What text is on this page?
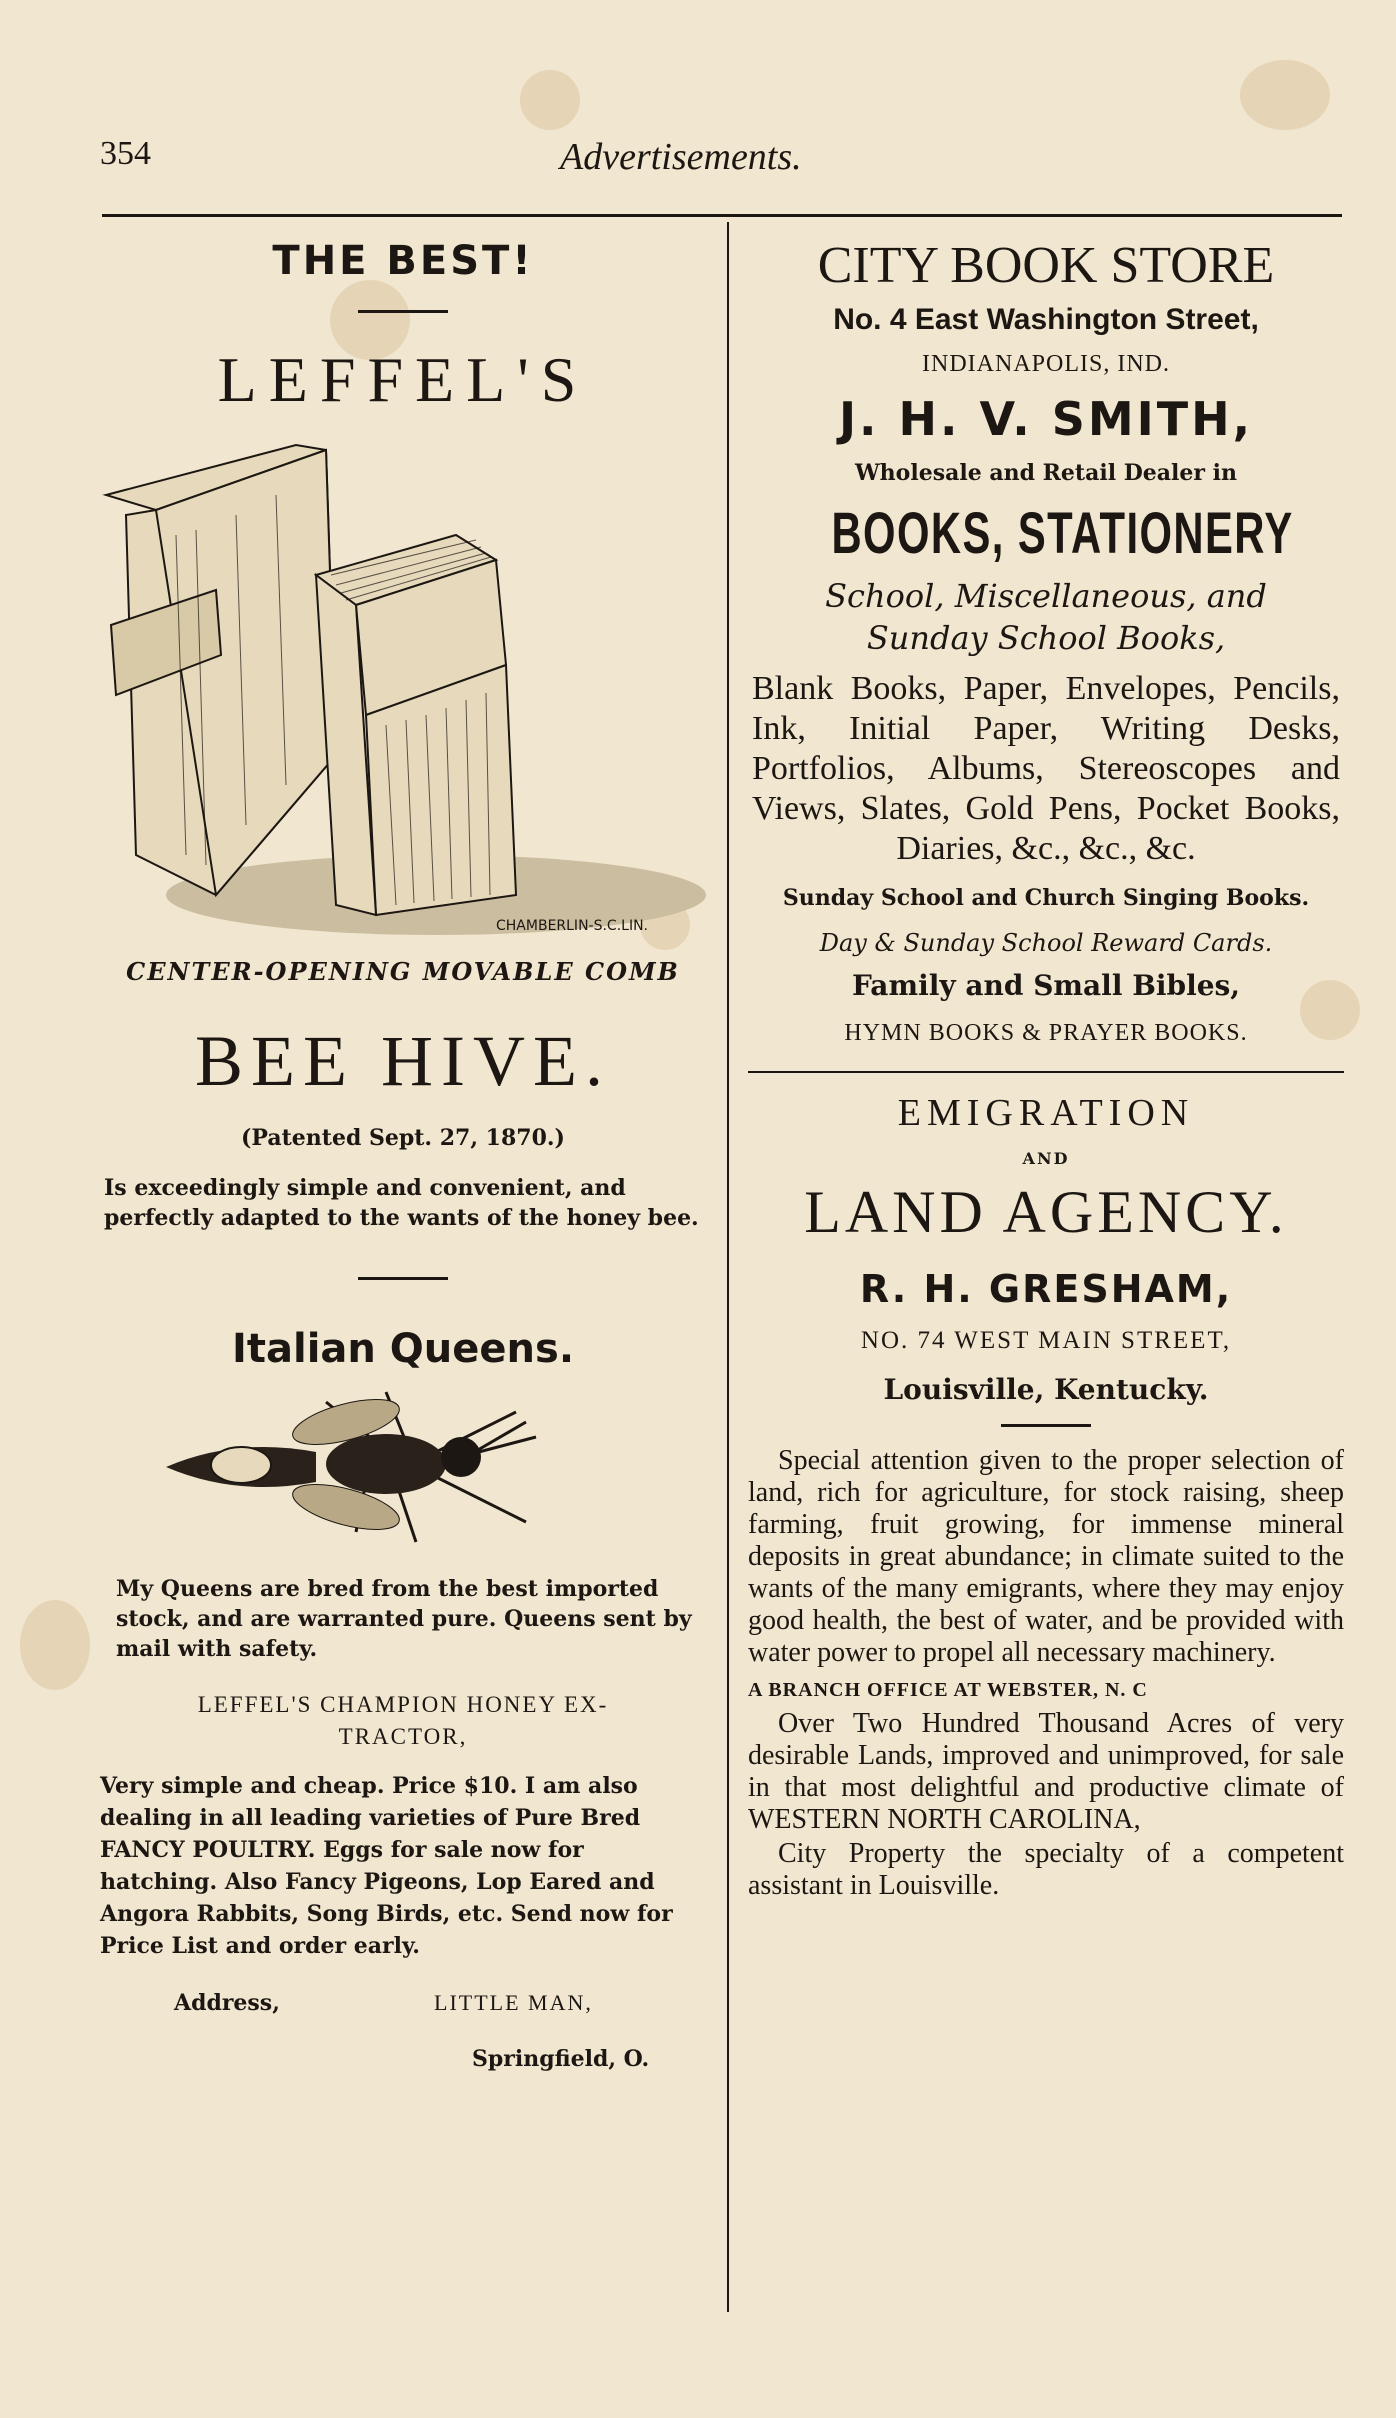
354	Advertisements.

THE BEST!

LEFFEL'S

CHAMBERLIN-S.C.LIN.

CENTER-OPENING MOVABLE COMB

BEE HIVE.

(Patented Sept. 27, 1870.)

Is exceedingly simple and convenient, and perfectly adapted to the wants of the honey bee.

Italian Queens.

My Queens are bred from the best imported stock, and are warranted pure. Queens sent by mail with safety.

LEFFEL'S CHAMPION HONEY EX-

TRACTOR,

Very simple and cheap. Price $10. I am also dealing in all leading varieties of Pure Bred FANCY POULTRY. Eggs for sale now for hatching. Also Fancy Pigeons, Lop Eared and Angora Rabbits, Song Birds, etc. Send now for Price List and order early.

Address,	LITTLE MAN,
Springfield, O.

CITY BOOK STORE

No. 4 East Washington Street,

INDIANAPOLIS, IND.

J. H. V. SMITH,

Wholesale and Retail Dealer in

BOOKS, STATIONERY

School, Miscellaneous, and

Sunday School Books,

Blank Books, Paper, Envelopes, Pencils, Ink, Initial Paper, Writing Desks, Portfolios, Albums, Stereoscopes and Views, Slates, Gold Pens, Pocket Books, Diaries, &c., &c., &c.

Sunday School and Church Singing Books.

Day & Sunday School Reward Cards.

Family and Small Bibles,

HYMN BOOKS & PRAYER BOOKS.

EMIGRATION

AND

LAND AGENCY.

R. H. GRESHAM,

NO. 74 WEST MAIN STREET,

Louisville, Kentucky.

Special attention given to the proper selection of land, rich for agriculture, for stock raising, sheep farming, fruit growing, for immense mineral deposits in great abundance; in climate suited to the wants of the many emigrants, where they may enjoy good health, the best of water, and be provided with water power to propel all necessary machinery.

A BRANCH OFFICE AT WEBSTER, N. C

Over Two Hundred Thousand Acres of very desirable Lands, improved and unimproved, for sale in that most delightful and productive climate of WESTERN NORTH CAROLINA,

City Property the specialty of a competent assistant in Louisville.
